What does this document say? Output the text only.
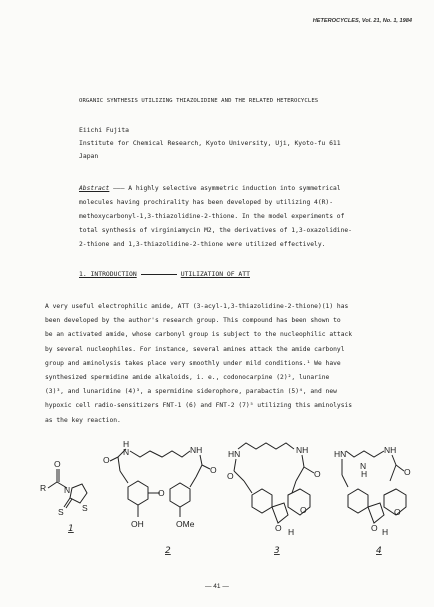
HETEROCYCLES, Vol. 21, No. 1, 1984
ORGANIC SYNTHESIS UTILIZING THIAZOLIDINE AND THE RELATED HETEROCYCLES
Eiichi Fujita
Institute for Chemical Research, Kyoto University, Uji, Kyoto-fu 611
Japan

Abstract ——— A highly selective asymmetric induction into symmetrical

molecules having prochirality has been developed by utilizing 4(R)-

methoxycarbonyl-1,3-thiazolidine-2-thione. In the model experiments of

total synthesis of virginiamycin M2, the derivatives of 1,3-oxazolidine-

2-thione and 1,3-thiazolidine-2-thione were utilized effectively.

1. INTRODUCTION	UTILIZATION OF ATT

A very useful electrophilic amide, ATT (3-acyl-1,3-thiazolidine-2-thione)(1) has

been developed by the author's research group. This compound has been shown to

be an activated amide, whose carbonyl group is subject to the nucleophilic attack

by several nucleophiles. For instance, several amines attack the amide carbonyl

group and aminolysis takes place very smoothly under mild conditions.¹ We have

synthesized spermidine amide alkaloids, i. e., codonocarpine (2)², lunarine

(3)³, and lunaridine (4)³, a spermidine siderophore, parabactin (5)⁴, and new

hypoxic cell radio-sensitizers FNT-1 (6) and FNT-2 (7)⁵ utilizing this aminolysis

as the key reaction.

R
O
N
S S
1
O
H
N	NH
O
OH
O
OMe
2
HN	NH
O
O
O
O
H
3
HN
N
H
NH
O
O
O
H
4
— 41 —
